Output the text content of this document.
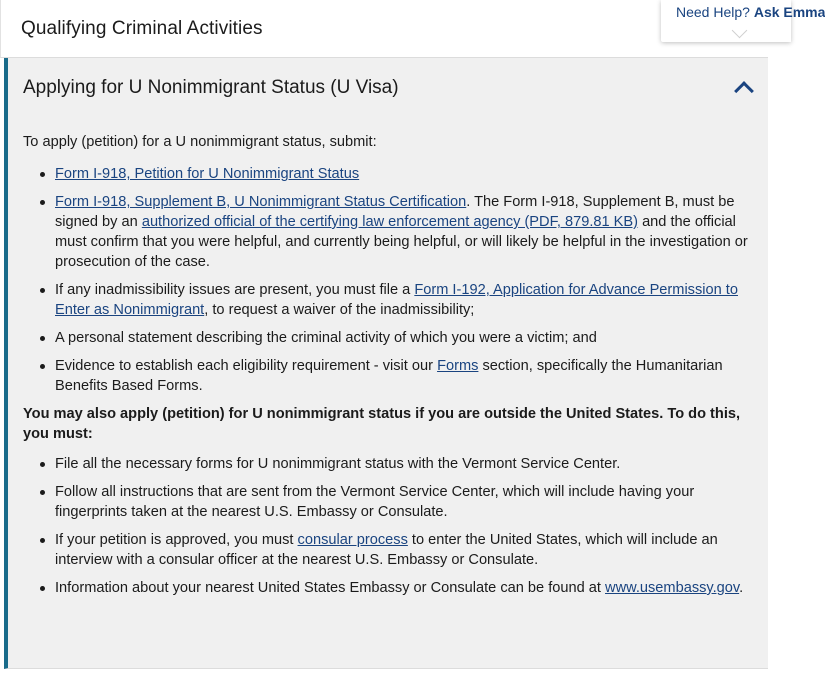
Qualifying Criminal Activities
Need Help? Ask Emma
Applying for U Nonimmigrant Status (U Visa)

To apply (petition) for a U nonimmigrant status, submit:

Form I-918, Petition for U Nonimmigrant Status
Form I-918, Supplement B, U Nonimmigrant Status Certification. The Form I-918, Supplement B, must be signed by an authorized official of the certifying law enforcement agency (PDF, 879.81 KB) and the official must confirm that you were helpful, and currently being helpful, or will likely be helpful in the investigation or prosecution of the case.
If any inadmissibility issues are present, you must file a Form I-192, Application for Advance Permission to Enter as Nonimmigrant, to request a waiver of the inadmissibility;
A personal statement describing the criminal activity of which you were a victim; and
Evidence to establish each eligibility requirement - visit our Forms section, specifically the Humanitarian Benefits Based Forms.

You may also apply (petition) for U nonimmigrant status if you are outside the United States. To do this, you must:

File all the necessary forms for U nonimmigrant status with the Vermont Service Center.
Follow all instructions that are sent from the Vermont Service Center, which will include having your fingerprints taken at the nearest U.S. Embassy or Consulate.
If your petition is approved, you must consular process to enter the United States, which will include an interview with a consular officer at the nearest U.S. Embassy or Consulate.
Information about your nearest United States Embassy or Consulate can be found at www.usembassy.gov.
